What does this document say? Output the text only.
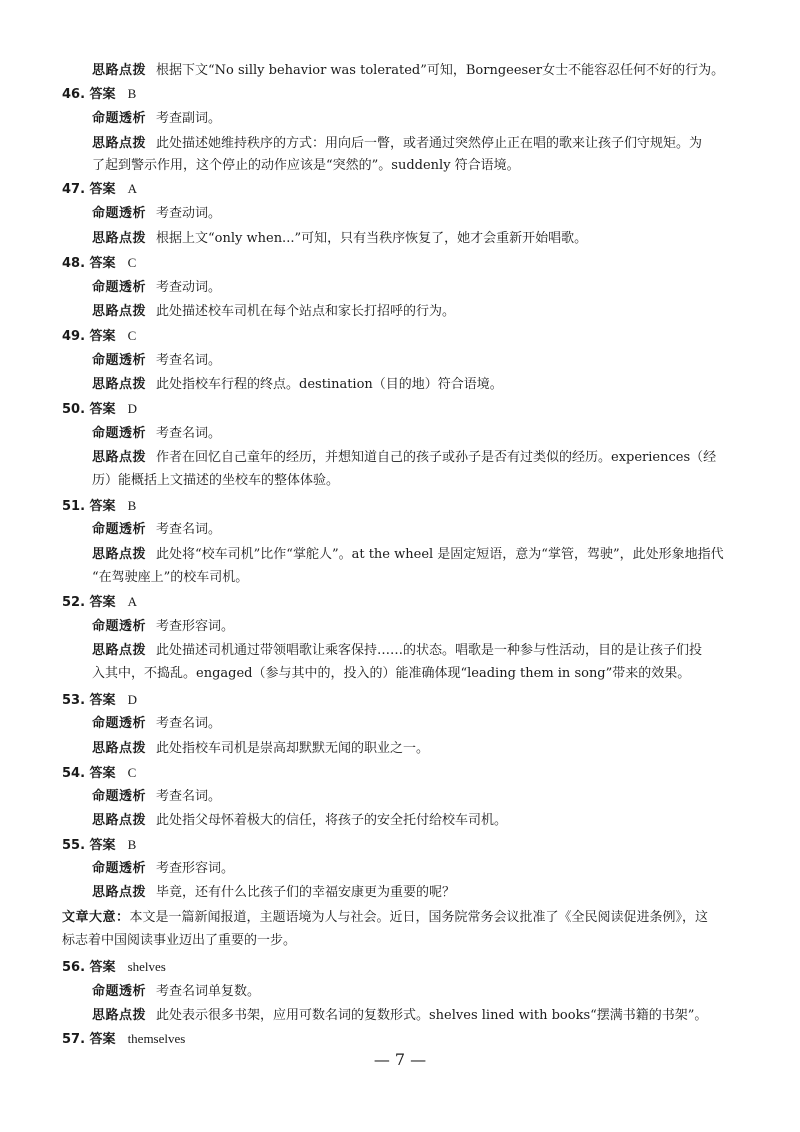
思路点拨 根据下文“No silly behavior was tolerated”可知，Borngeeser女士不能容忍任何不好的行为。
46. 答案 B
命题透析 考查副词。
思路点拨 此处描述她维持秩序的方式：用向后一瞥，或者通过突然停止正在唱的歌来让孩子们守规矩。为
了起到警示作用，这个停止的动作应该是“突然的”。suddenly 符合语境。
47. 答案 A
命题透析 考查动词。
思路点拨 根据上文“only when...”可知，只有当秩序恢复了，她才会重新开始唱歌。
48. 答案 C
命题透析 考查动词。
思路点拨 此处描述校车司机在每个站点和家长打招呼的行为。
49. 答案 C
命题透析 考查名词。
思路点拨 此处指校车行程的终点。destination（目的地）符合语境。
50. 答案 D
命题透析 考查名词。
思路点拨 作者在回忆自己童年的经历，并想知道自己的孩子或孙子是否有过类似的经历。experiences（经
历）能概括上文描述的坐校车的整体体验。
51. 答案 B
命题透析 考查名词。
思路点拨 此处将“校车司机”比作“掌舵人”。at the wheel 是固定短语，意为“掌管，驾驶”，此处形象地指代
“在驾驶座上”的校车司机。
52. 答案 A
命题透析 考查形容词。
思路点拨 此处描述司机通过带领唱歌让乘客保持……的状态。唱歌是一种参与性活动，目的是让孩子们投
入其中，不捣乱。engaged（参与其中的，投入的）能准确体现“leading them in song”带来的效果。
53. 答案 D
命题透析 考查名词。
思路点拨 此处指校车司机是崇高却默默无闻的职业之一。
54. 答案 C
命题透析 考查名词。
思路点拨 此处指父母怀着极大的信任，将孩子的安全托付给校车司机。
55. 答案 B
命题透析 考查形容词。
思路点拨 毕竟，还有什么比孩子们的幸福安康更为重要的呢？
文章大意：本文是一篇新闻报道，主题语境为人与社会。近日，国务院常务会议批准了《全民阅读促进条例》，这
标志着中国阅读事业迈出了重要的一步。
56. 答案 shelves
命题透析 考查名词单复数。
思路点拨 此处表示很多书架，应用可数名词的复数形式。shelves lined with books“摆满书籍的书架”。
57. 答案 themselves
— 7 —
